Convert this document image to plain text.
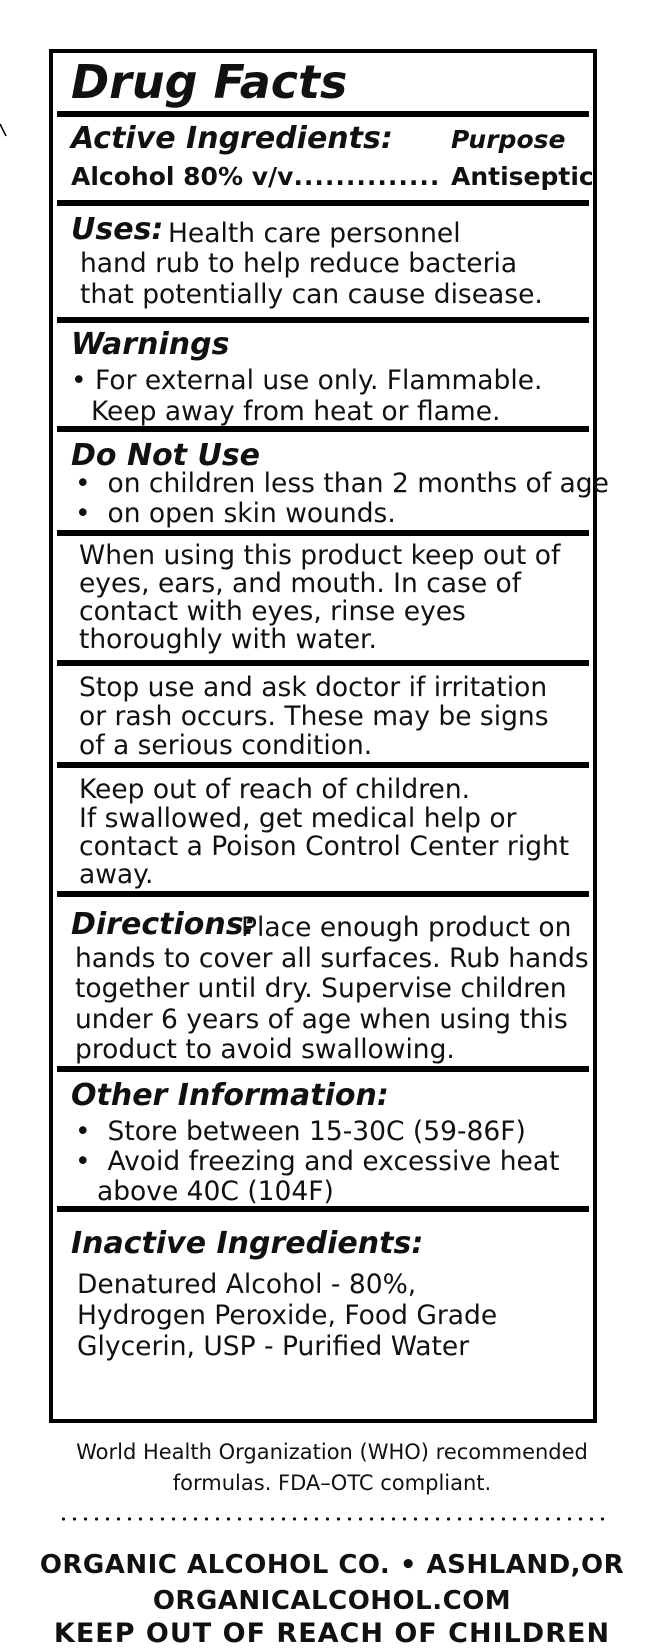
Drug Facts
Active Ingredients: Purpose
Alcohol 80% v/v.............. Antiseptic
Uses: Health care personnel
hand rub to help reduce bacteria
that potentially can cause disease.
Warnings
• For external use only. Flammable.
Keep away from heat or flame.
Do Not Use
• on children less than 2 months of age
• on open skin wounds.
When using this product keep out of
eyes, ears, and mouth. In case of
contact with eyes, rinse eyes
thoroughly with water.
Stop use and ask doctor if irritation
or rash occurs. These may be signs
of a serious condition.
Keep out of reach of children.
If swallowed, get medical help or
contact a Poison Control Center right
away.
Directions:
Place enough product on
hands to cover all surfaces. Rub hands
together until dry. Supervise children
under 6 years of age when using this
product to avoid swallowing.
Other Information:
• Store between 15-30C (59-86F)
• Avoid freezing and excessive heat
above 40C (104F)
Inactive Ingredients:
Denatured Alcohol - 80%,
Hydrogen Peroxide, Food Grade
Glycerin, USP - Purified Water
World Health Organization (WHO) recommended
formulas. FDA–OTC compliant.
ORGANIC ALCOHOL CO. • ASHLAND,OR
ORGANICALCOHOL.COM
KEEP OUT OF REACH OF CHILDREN
